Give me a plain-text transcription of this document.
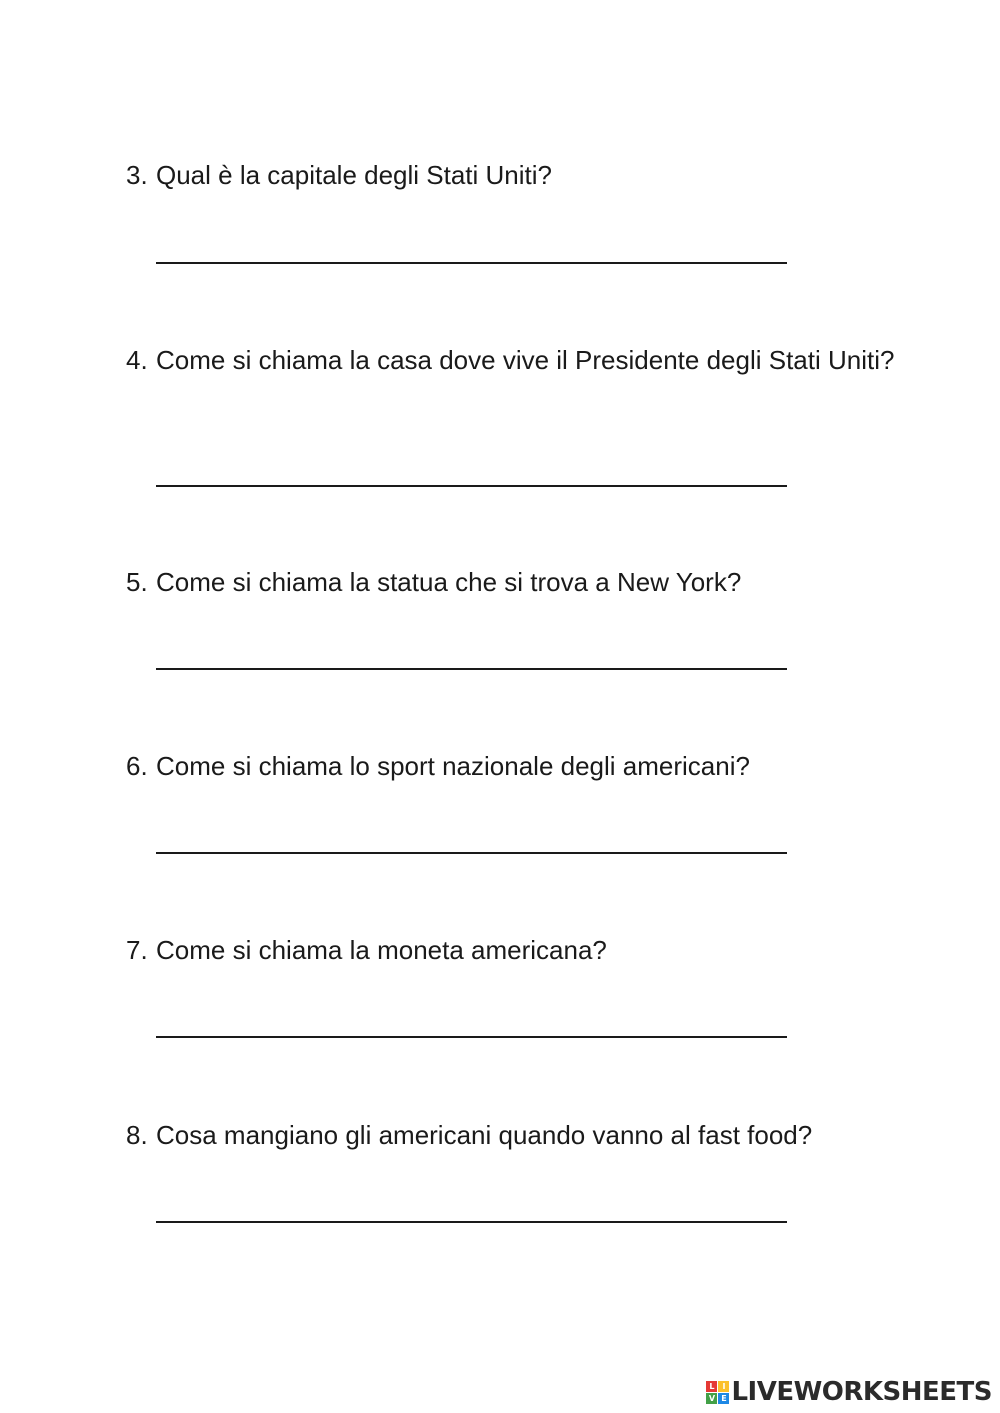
3. Qual è la capitale degli Stati Uniti?
4. Come si chiama la casa dove vive il Presidente degli Stati Uniti?
5. Come si chiama la statua che si trova a New York?
6. Come si chiama lo sport nazionale degli americani?
7. Come si chiama la moneta americana?
8. Cosa mangiano gli americani quando vanno al fast food?
L I
V E LIVEWORKSHEETS
